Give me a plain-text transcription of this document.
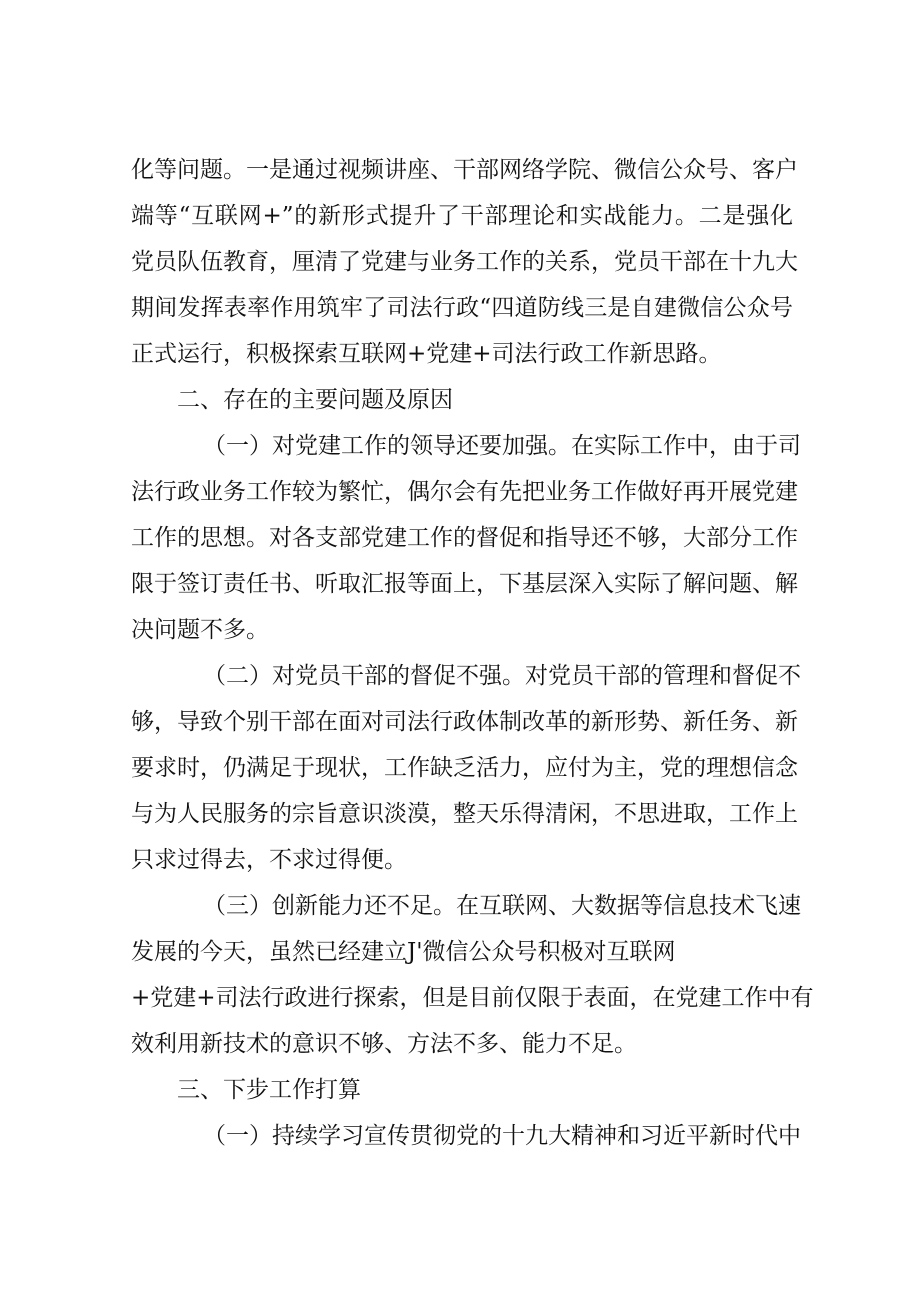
化等问题。一是通过视频讲座、干部网络学院、微信公众号、客户
端等“互联网+”的新形式提升了干部理论和实战能力。二是强化
党员队伍教育，厘清了党建与业务工作的关系，党员干部在十九大
期间发挥表率作用筑牢了司法行政“四道防线三是自建微信公众号
正式运行，积极探索互联网+党建+司法行政工作新思路。
二、存在的主要问题及原因
（一）对党建工作的领导还要加强。在实际工作中，由于司
法行政业务工作较为繁忙，偶尔会有先把业务工作做好再开展党建
工作的思想。对各支部党建工作的督促和指导还不够，大部分工作
限于签订责任书、听取汇报等面上，下基层深入实际了解问题、解
决问题不多。
（二）对党员干部的督促不强。对党员干部的管理和督促不
够，导致个别干部在面对司法行政体制改革的新形势、新任务、新
要求时，仍满足于现状，工作缺乏活力，应付为主，党的理想信念
与为人民服务的宗旨意识淡漠，整天乐得清闲，不思进取，工作上
只求过得去，不求过得便。
（三）创新能力还不足。在互联网、大数据等信息技术飞速
发展的今天，虽然已经建立J'微信公众号积极对互联网
+党建+司法行政进行探索，但是目前仅限于表面，在党建工作中有
效利用新技术的意识不够、方法不多、能力不足。
三、下步工作打算
（一）持续学习宣传贯彻党的十九大精神和习近平新时代中
